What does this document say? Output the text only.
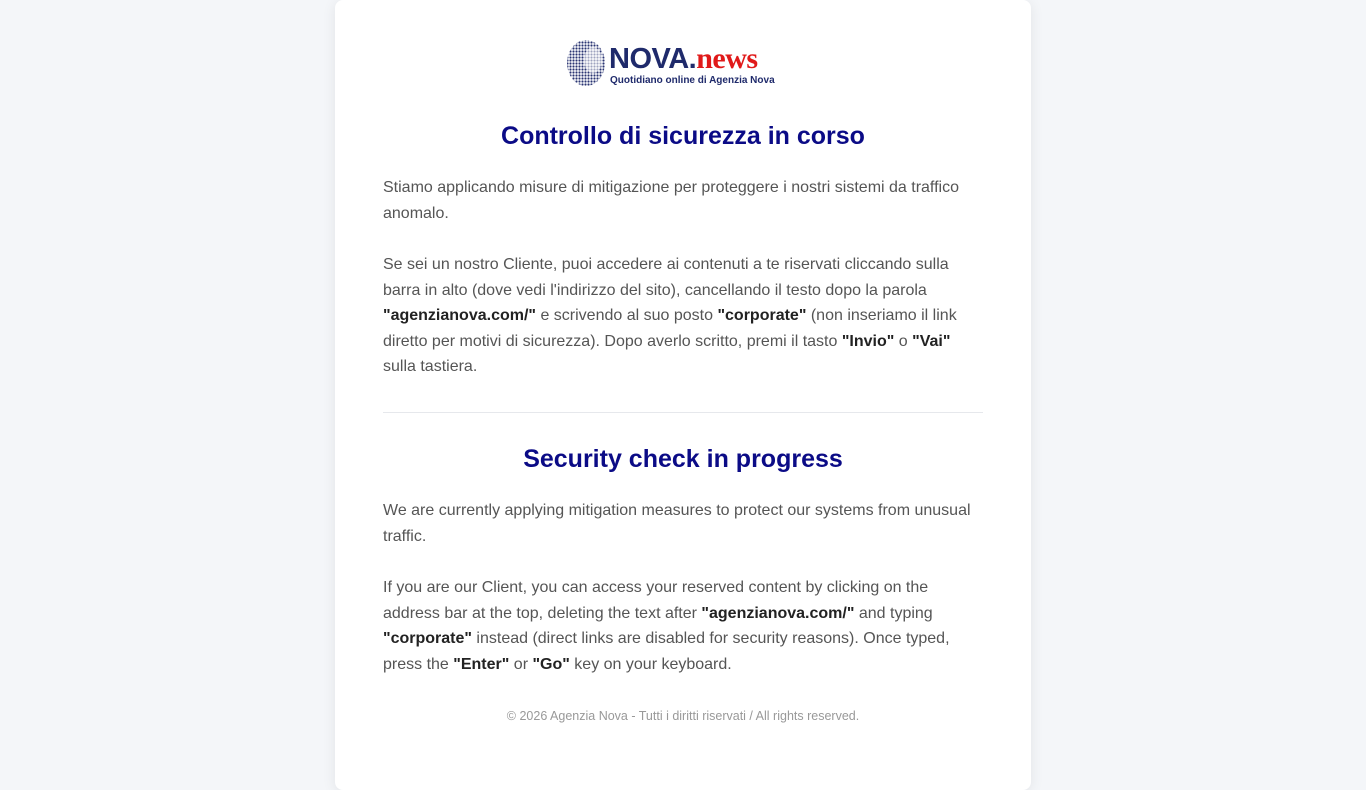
NOVA.news
Quotidiano online di Agenzia Nova
Controllo di sicurezza in corso

Stiamo applicando misure di mitigazione per proteggere i nostri sistemi da traffico anomalo.

Se sei un nostro Cliente, puoi accedere ai contenuti a te riservati cliccando sulla barra in alto (dove vedi l'indirizzo del sito), cancellando il testo dopo la parola "agenzianova.com/" e scrivendo al suo posto "corporate" (non inseriamo il link diretto per motivi di sicurezza). Dopo averlo scritto, premi il tasto "Invio" o "Vai" sulla tastiera.

Security check in progress

We are currently applying mitigation measures to protect our systems from unusual traffic.

If you are our Client, you can access your reserved content by clicking on the address bar at the top, deleting the text after "agenzianova.com/" and typing "corporate" instead (direct links are disabled for security reasons). Once typed, press the "Enter" or "Go" key on your keyboard.

© 2026 Agenzia Nova - Tutti i diritti riservati / All rights reserved.
